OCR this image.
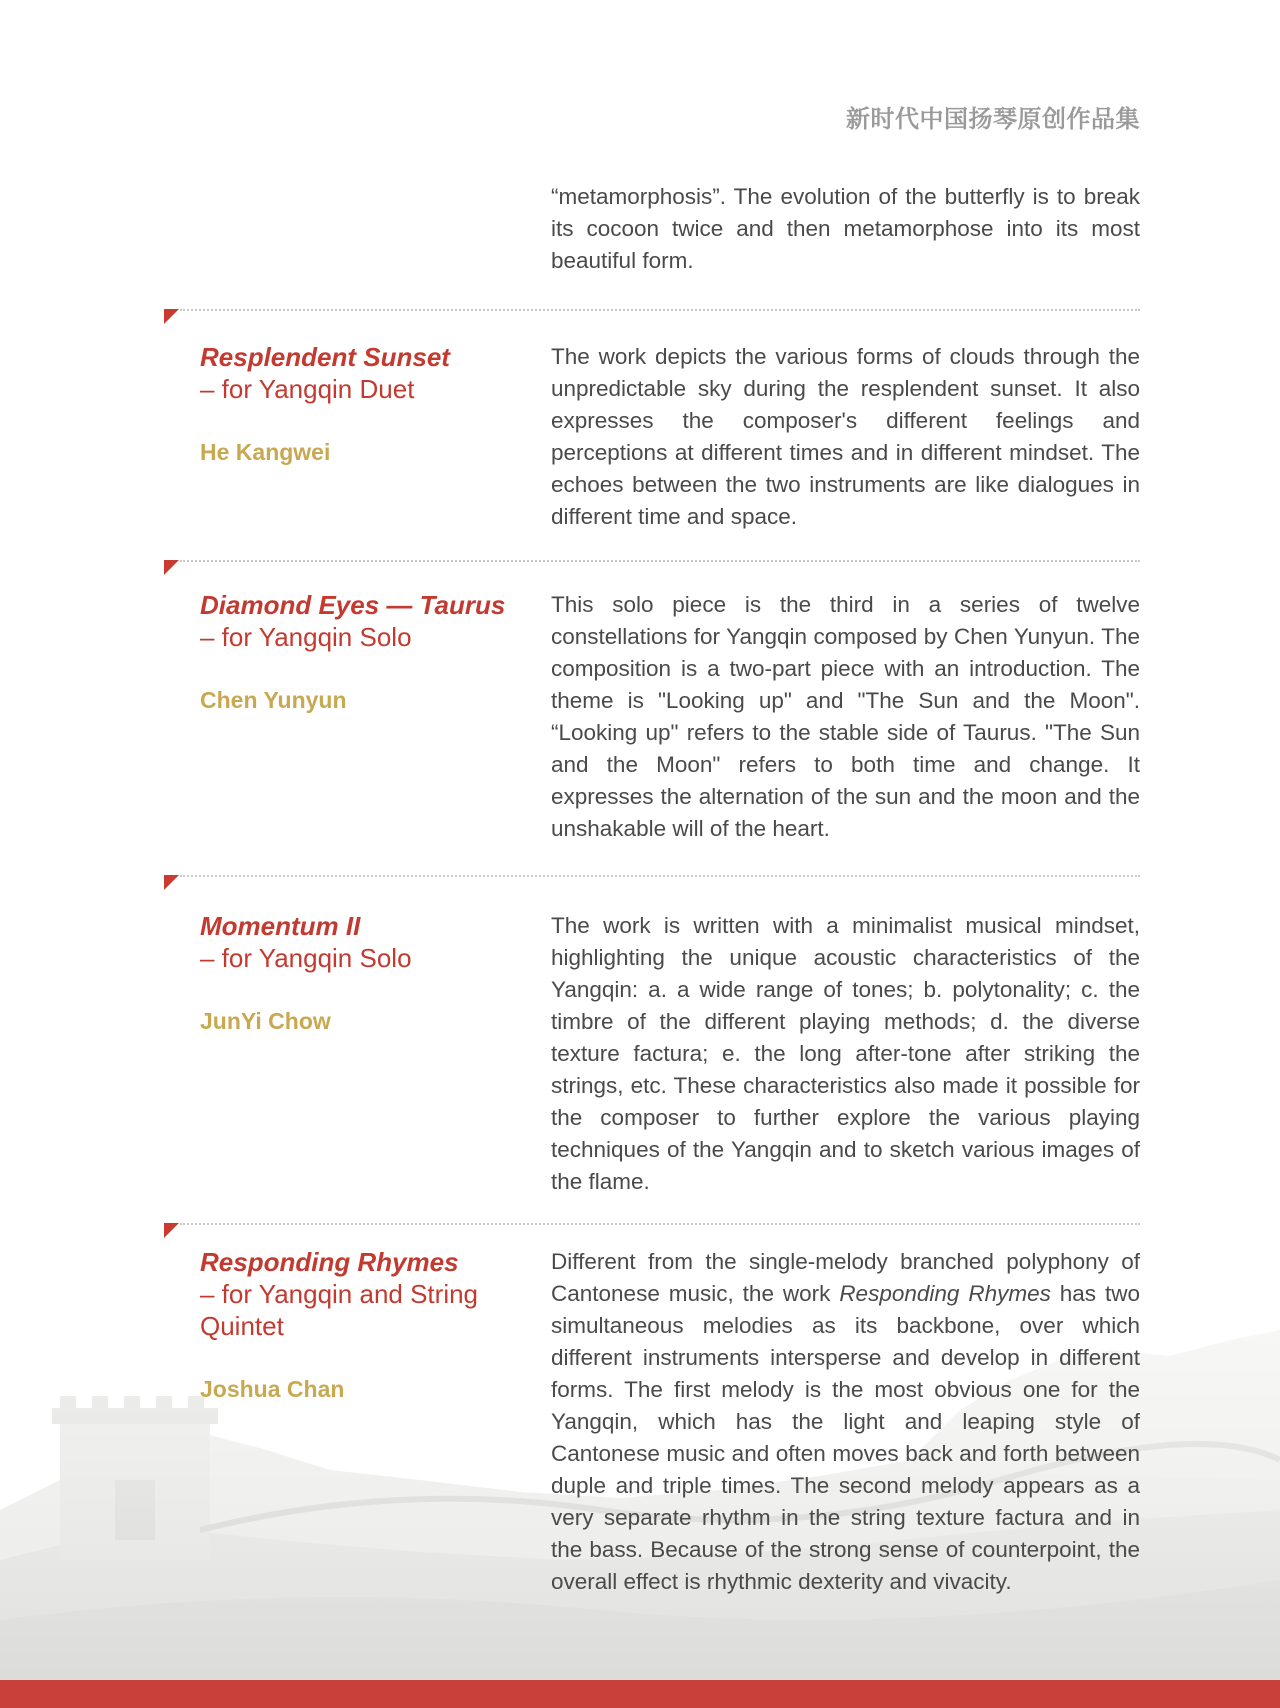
新时代中国扬琴原创作品集
“metamorphosis”. The evolution of the butterfly is to break its cocoon twice and then metamorphose into its most beautiful form.
Resplendent Sunset
– for Yangqin Duet
He Kangwei
The work depicts the various forms of clouds through the unpredictable sky during the resplendent sunset. It also expresses the composer's different feelings and perceptions at different times and in different mindset. The echoes between the two instruments are like dialogues in different time and space.
Diamond Eyes — Taurus
– for Yangqin Solo
Chen Yunyun
This solo piece is the third in a series of twelve constellations for Yangqin composed by Chen Yunyun. The composition is a two-part piece with an introduction. The theme is "Looking up" and "The Sun and the Moon". “Looking up" refers to the stable side of Taurus. "The Sun and the Moon" refers to both time and change. It expresses the alternation of the sun and the moon and the unshakable will of the heart.
Momentum II
– for Yangqin Solo
JunYi Chow
The work is written with a minimalist musical mindset, highlighting the unique acoustic characteristics of the Yangqin: a. a wide range of tones; b. polytonality; c. the timbre of the different playing methods; d. the diverse texture factura; e. the long after-tone after striking the strings, etc. These characteristics also made it possible for the composer to further explore the various playing techniques of the Yangqin and to sketch various images of the flame.
Responding Rhymes
– for Yangqin and String Quintet
Joshua Chan
Different from the single-melody branched polyphony of Cantonese music, the work Responding Rhymes has two simultaneous melodies as its backbone, over which different instruments intersperse and develop in different forms. The first melody is the most obvious one for the Yangqin, which has the light and leaping style of Cantonese music and often moves back and forth between duple and triple times. The second melody appears as a very separate rhythm in the string texture factura and in the bass. Because of the strong sense of counterpoint, the overall effect is rhythmic dexterity and vivacity.
